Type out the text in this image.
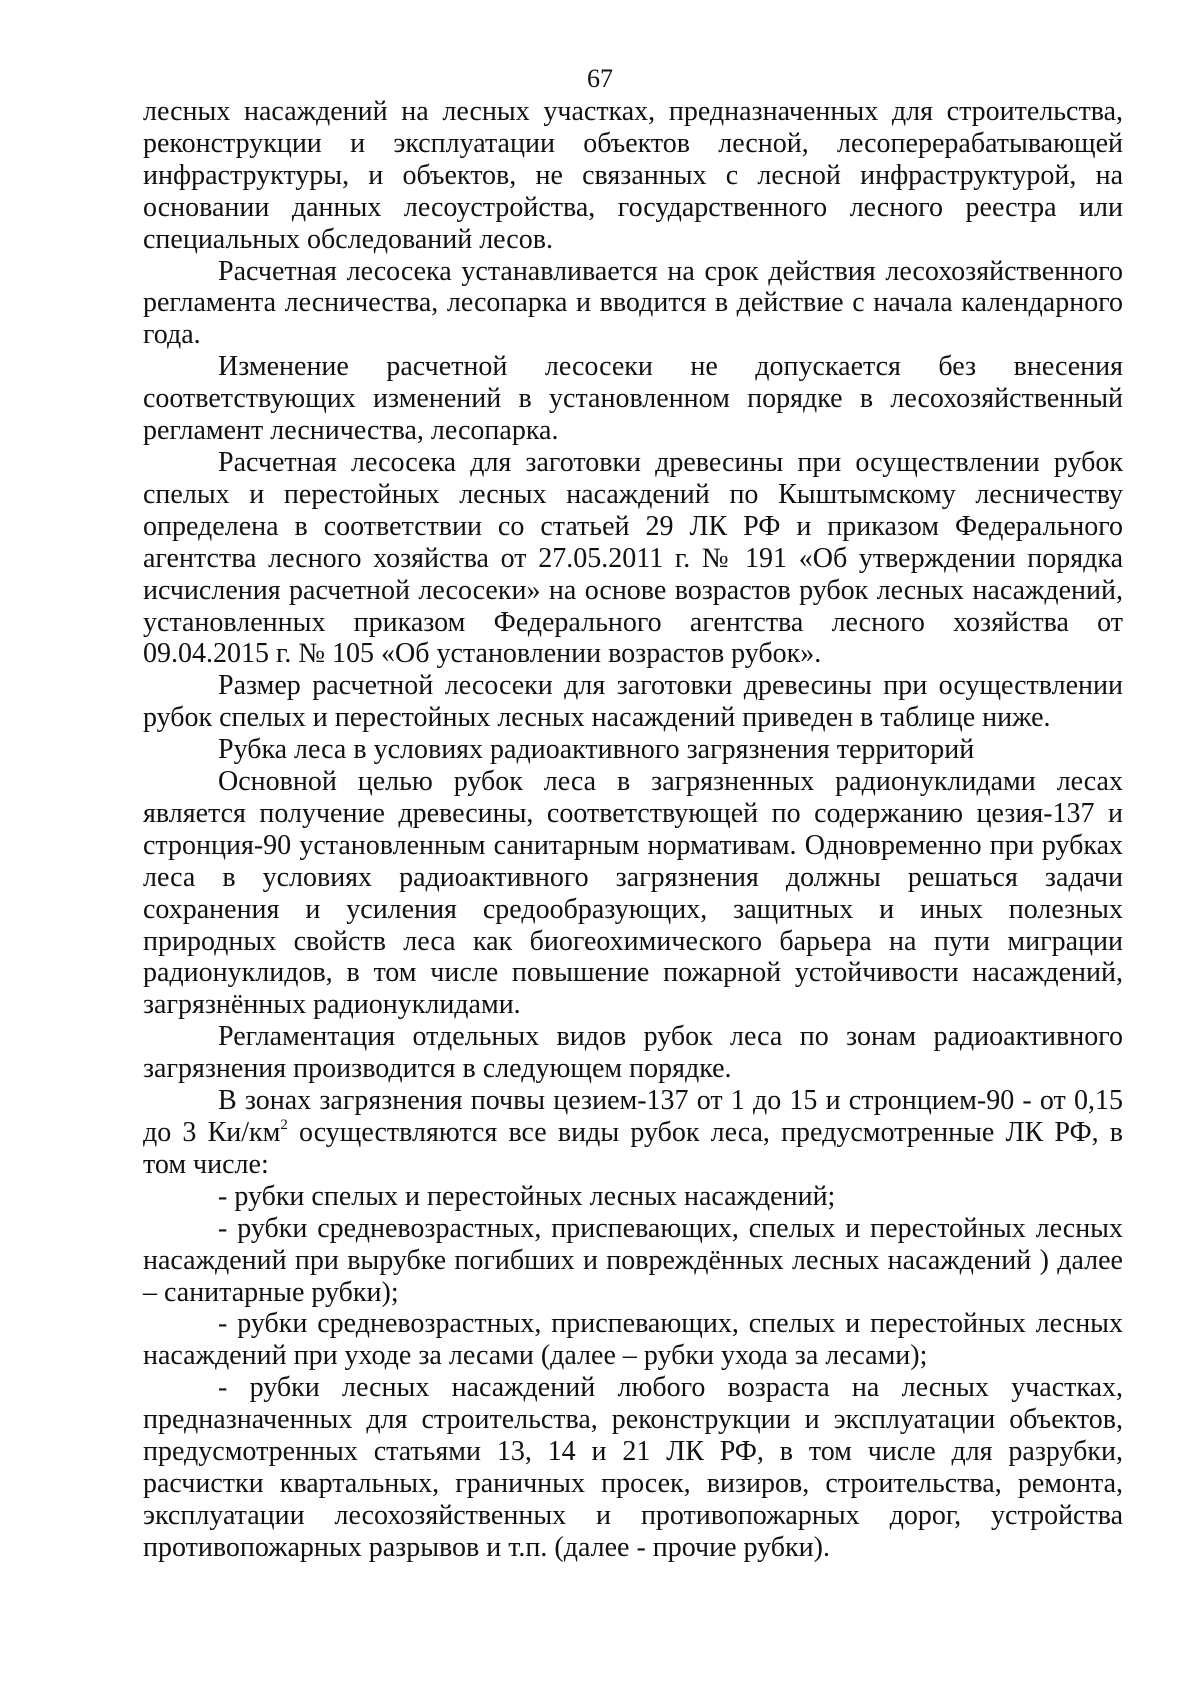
67

лесных насаждений на лесных участках, предназначенных для строительства, реконструкции и эксплуатации объектов лесной, лесоперерабатывающей инфраструктуры, и объектов, не связанных с лесной инфраструктурой, на основании данных лесоустройства, государственного лесного реестра или специальных обследований лесов.

Расчетная лесосека устанавливается на срок действия лесохозяйственного регламента лесничества, лесопарка и вводится в действие с начала календарного года.

Изменение расчетной лесосеки не допускается без внесения соответствующих изменений в установленном порядке в лесохозяйственный регламент лесничества, лесопарка.

Расчетная лесосека для заготовки древесины при осуществлении рубок спелых и перестойных лесных насаждений по Кыштымскому лесничеству определена в соответствии со статьей 29 ЛК РФ и приказом Федерального агентства лесного хозяйства от 27.05.2011 г. № 191 «Об утверждении порядка исчисления расчетной лесосеки» на основе возрастов рубок лесных насаждений, установленных приказом Федерального агентства лесного хозяйства от 09.04.2015 г. № 105 «Об установлении возрастов рубок».

Размер расчетной лесосеки для заготовки древесины при осуществлении рубок спелых и перестойных лесных насаждений приведен в таблице ниже.

Рубка леса в условиях радиоактивного загрязнения территорий

Основной целью рубок леса в загрязненных радионуклидами лесах является получение древесины, соответствующей по содержанию цезия-137 и стронция-90 установленным санитарным нормативам. Одновременно при рубках леса в условиях радиоактивного загрязнения должны решаться задачи сохранения и усиления средообразующих, защитных и иных полезных природных свойств леса как биогеохимического барьера на пути миграции радионуклидов, в том числе повышение пожарной устойчивости насаждений, загрязнённых радионуклидами.

Регламентация отдельных видов рубок леса по зонам радиоактивного загрязнения производится в следующем порядке.

В зонах загрязнения почвы цезием-137 от 1 до 15 и стронцием-90 - от 0,15 до 3 $Ки/км^2$ осуществляются все виды рубок леса, предусмотренные ЛК РФ, в том числе:

- рубки спелых и перестойных лесных насаждений;

- рубки средневозрастных, приспевающих, спелых и перестойных лесных насаждений при вырубке погибших и повреждённых лесных насаждений ) далее – санитарные рубки);

- рубки средневозрастных, приспевающих, спелых и перестойных лесных насаждений при уходе за лесами (далее – рубки ухода за лесами);

- рубки лесных насаждений любого возраста на лесных участках, предназначенных для строительства, реконструкции и эксплуатации объектов, предусмотренных статьями 13, 14 и 21 ЛК РФ, в том числе для разрубки, расчистки квартальных, граничных просек, визиров, строительства, ремонта, эксплуатации лесохозяйственных и противопожарных дорог, устройства противопожарных разрывов и т.п. (далее - прочие рубки).
